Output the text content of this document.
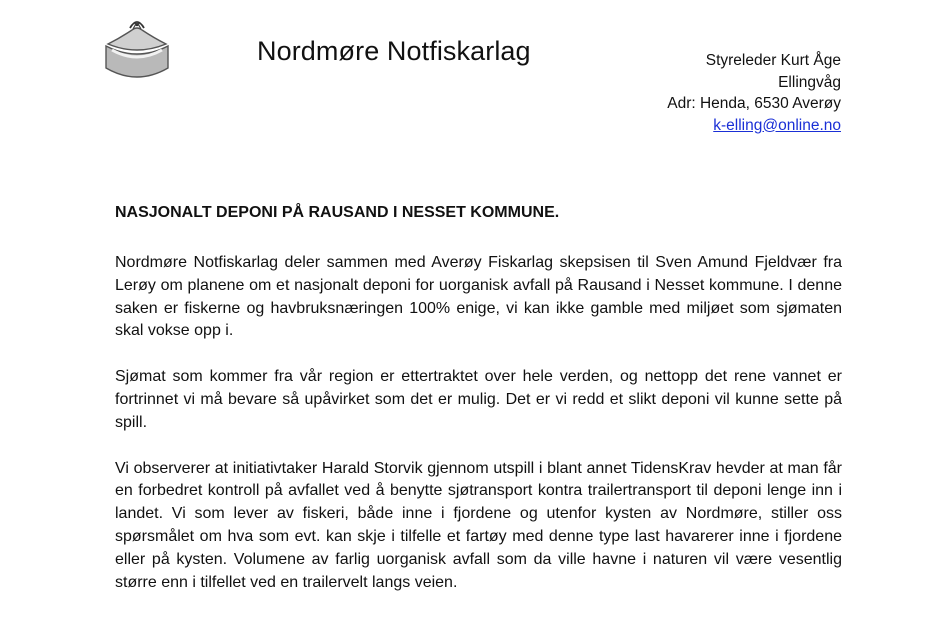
Nordmøre Notfiskarlag	Styreleder Kurt Åge
Ellingvåg
Adr: Henda, 6530 Averøy
k-elling@online.no
NASJONALT DEPONI PÅ RAUSAND I NESSET KOMMUNE.

Nordmøre Notfiskarlag deler sammen med Averøy Fiskarlag skepsisen til Sven Amund Fjeldvær fra Lerøy om planene om et nasjonalt deponi for uorganisk avfall på Rausand i Nesset kommune. I denne saken er fiskerne og havbruksnæringen 100% enige, vi kan ikke gamble med miljøet som sjømaten skal vokse opp i.

Sjømat som kommer fra vår region er ettertraktet over hele verden, og nettopp det rene vannet er fortrinnet vi må bevare så upåvirket som det er mulig. Det er vi redd et slikt deponi vil kunne sette på spill.

Vi observerer at initiativtaker Harald Storvik gjennom utspill i blant annet TidensKrav hevder at man får en forbedret kontroll på avfallet ved å benytte sjøtransport kontra trailertransport til deponi lenge inn i landet. Vi som lever av fiskeri, både inne i fjordene og utenfor kysten av Nordmøre, stiller oss spørsmålet om hva som evt. kan skje i tilfelle et fartøy med denne type last havarerer inne i fjordene eller på kysten. Volumene av farlig uorganisk avfall som da ville havne i naturen vil være vesentlig større enn i tilfellet ved en trailervelt langs veien.
